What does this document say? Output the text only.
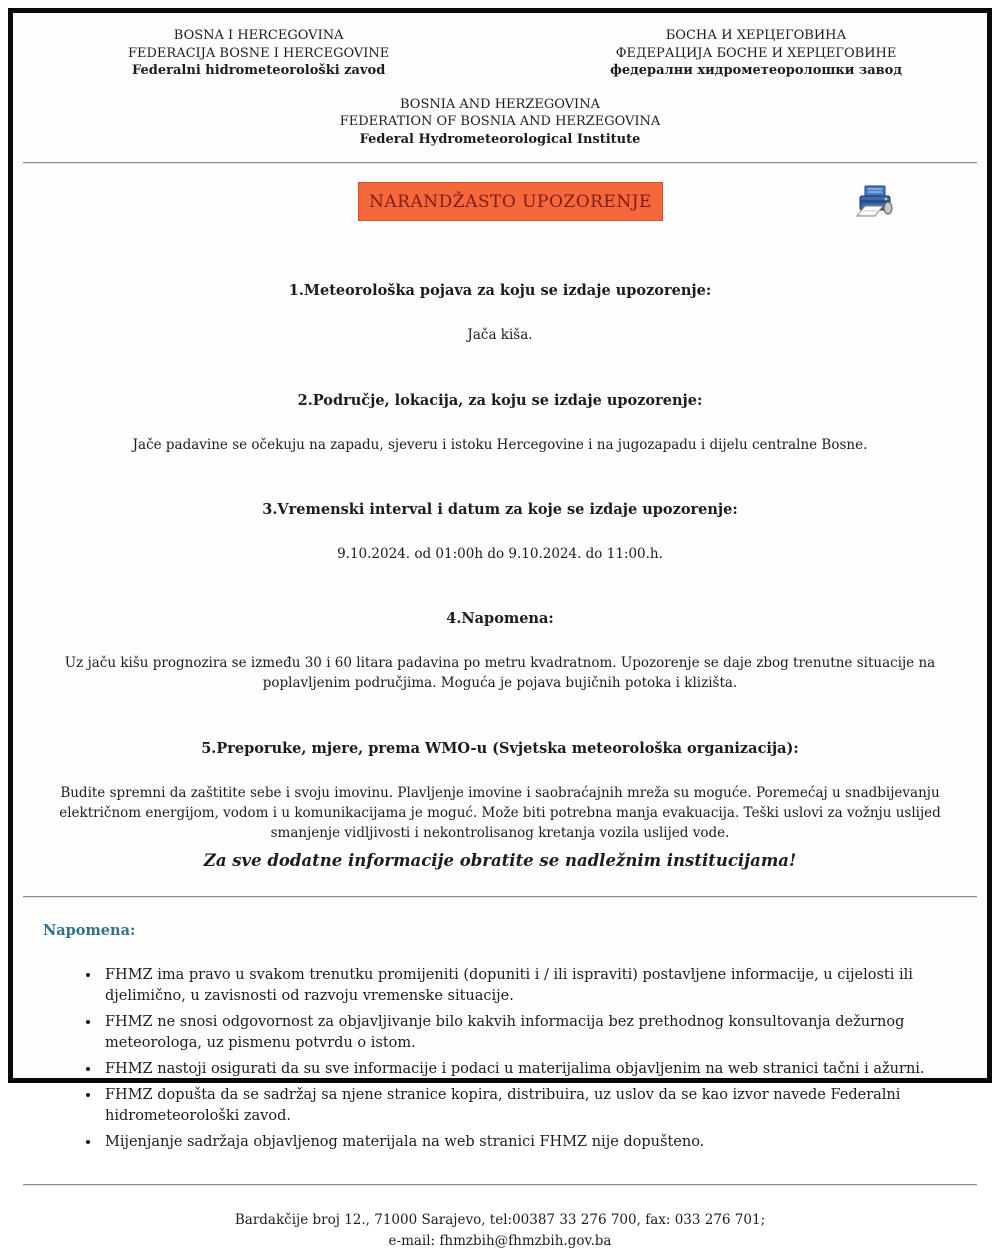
BOSNA I HERCEGOVINA
FEDERACIJA BOSNE I HERCEGOVINE
Federalni hidrometeorološki zavod
БОСНА И ХЕРЦЕГОВИНА
ФЕДЕРАЦИЈА БОСНЕ И ХЕРЦЕГОВИНЕ
федерални хидрометеоролошки завод
BOSNIA AND HERZEGOVINA
FEDERATION OF BOSNIA AND HERZEGOVINA
Federal Hydrometeorological Institute
NARANDŽASTO UPOZORENJE
1.Meteorološka pojava za koju se izdaje upozorenje:
Jača kiša.
2.Područje, lokacija, za koju se izdaje upozorenje:
Jače padavine se očekuju na zapadu, sjeveru i istoku Hercegovine i na jugozapadu i dijelu centralne Bosne.
3.Vremenski interval i datum za koje se izdaje upozorenje:
9.10.2024. od 01:00h do 9.10.2024. do 11:00.h.
4.Napomena:
Uz jaču kišu prognozira se između 30 i 60 litara padavina po metru kvadratnom. Upozorenje se daje zbog trenutne situacije na poplavljenim područjima. Moguća je pojava bujičnih potoka i klizišta.
5.Preporuke, mjere, prema WMO-u (Svjetska meteorološka organizacija):
Budite spremni da zaštitite sebe i svoju imovinu. Plavljenje imovine i saobraćajnih mreža su moguće. Poremećaj u snadbijevanju električnom energijom, vodom i u komunikacijama je moguć. Može biti potrebna manja evakuacija. Teški uslovi za vožnju uslijed smanjenje vidljivosti i nekontrolisanog kretanja vozila uslijed vode.
Za sve dodatne informacije obratite se nadležnim institucijama!
Napomena:
• FHMZ ima pravo u svakom trenutku promijeniti (dopuniti i / ili ispraviti) postavljene informacije, u cijelosti ili djelimično, u zavisnosti od razvoju vremenske situacije.
• FHMZ ne snosi odgovornost za objavljivanje bilo kakvih informacija bez prethodnog konsultovanja dežurnog meteorologa, uz pismenu potvrdu o istom.
• FHMZ nastoji osigurati da su sve informacije i podaci u materijalima objavljenim na web stranici tačni i ažurni.
• FHMZ dopušta da se sadržaj sa njene stranice kopira, distribuira, uz uslov da se kao izvor navede Federalni hidrometeorološki zavod.
• Mijenjanje sadržaja objavljenog materijala na web stranici FHMZ nije dopušteno.
Bardakčije broj 12., 71000 Sarajevo, tel:00387 33 276 700, fax: 033 276 701;
e-mail: fhmzbih@fhmzbih.gov.ba
